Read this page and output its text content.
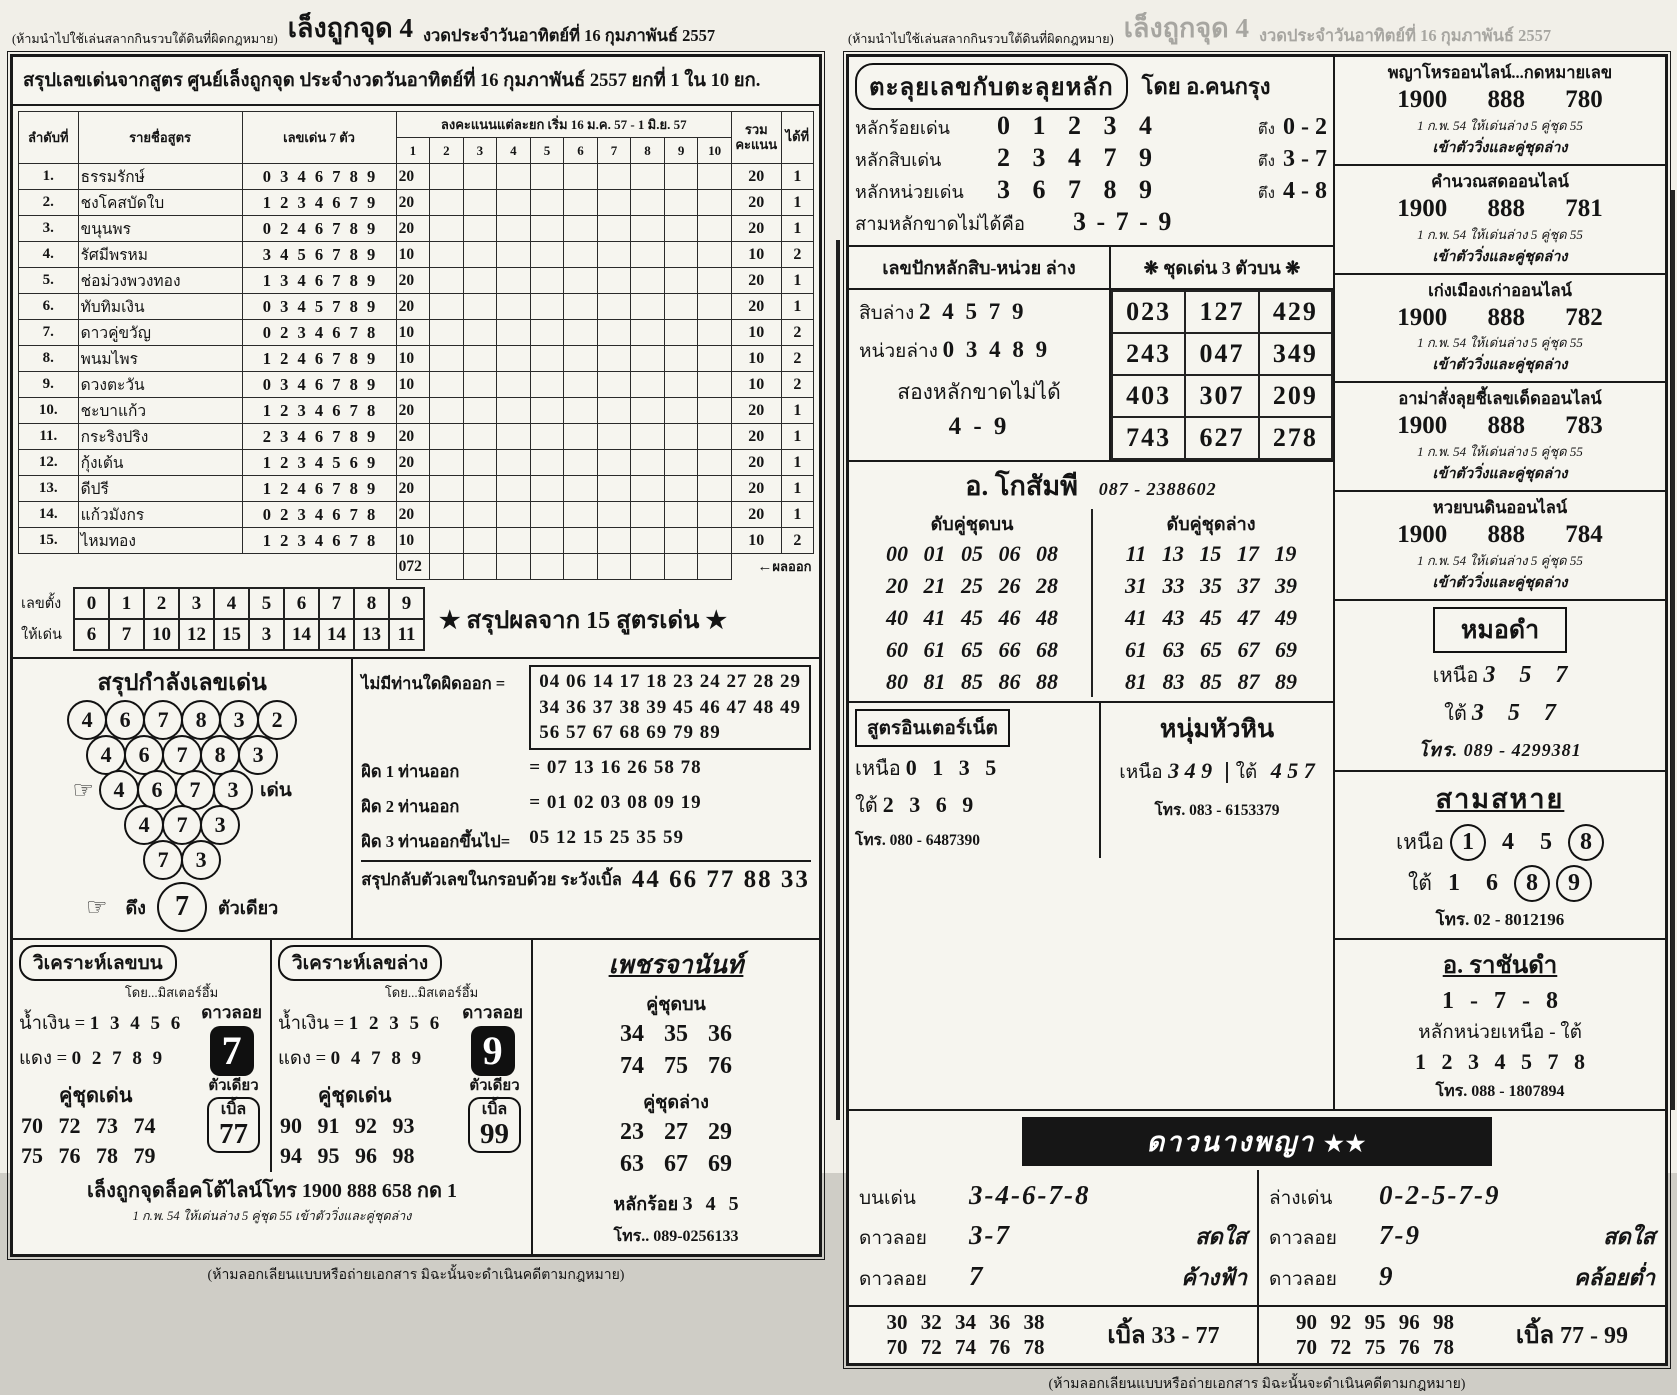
(ห้ามนำไปใช้เล่นสลากกินรวบใต้ดินที่ผิดกฎหมาย) เล็งถูกจุด 4 งวดประจำวันอาทิตย์ที่ 16 กุมภาพันธ์ 2557
สรุปเลขเด่นจากสูตร ศูนย์เล็งถูกจุด ประจำงวดวันอาทิตย์ที่ 16 กุมภาพันธ์ 2557 ยกที่ 1 ใน 10 ยก.
ลำดับที่	รายชื่อสูตร	เลขเด่น 7 ตัว	ลงคะแนนแต่ละยก เริ่ม 16 ม.ค. 57 - 1 มิ.ย. 57										รวมคะแนน	ได้ที่
			1	2	3	4	5	6	7	8	9	10		
1.	ธรรมรักษ์	0 3 4 6 7 8 9	20										20	1
2.	ชงโคสบัดใบ	1 2 3 4 6 7 9	20										20	1
3.	ขนุนพร	0 2 4 6 7 8 9	20										20	1
4.	รัศมีพรหม	3 4 5 6 7 8 9	10										10	2
5.	ช่อม่วงพวงทอง	1 3 4 6 7 8 9	20										20	1
6.	ทับทิมเงิน	0 3 4 5 7 8 9	20										20	1
7.	ดาวคู่ขวัญ	0 2 3 4 6 7 8	10										10	2
8.	พนมไพร	1 2 4 6 7 8 9	10										10	2
9.	ดวงตะวัน	0 3 4 6 7 8 9	10										10	2
10.	ชะบาแก้ว	1 2 3 4 6 7 8	20										20	1
11.	กระริงปริง	2 3 4 6 7 8 9	20										20	1
12.	กุ้งเต้น	1 2 3 4 5 6 9	20										20	1
13.	ดีปรี	1 2 4 6 7 8 9	20										20	1
14.	แก้วมังกร	0 2 3 4 6 7 8	20										20	1
15.	ไหมทอง	1 2 3 4 6 7 8	10										10	2
			072										←ผลออก
เลขตั้ง	0	1	2	3	4	5	6	7	8	9
ให้เด่น	6	7	10	12	15	3	14	14	13	11
★ สรุปผลจาก 15 สูตรเด่น ★
สรุปกำลังเลขเด่น
4	6	7	8	3	2
4	6	7	8	3
☞ 4	6	7	3	เด่น
4	7	3
7	3
☞ ดึง	7	ตัวเดียว
ไม่มีท่านใดผิดออก =	04 06 14 17 18 23 24 27 28 29
34 36 37 38 39 45 46 47 48 49
56 57 67 68 69 79 89
ผิด 1 ท่านออก	= 07 13 16 26 58 78
ผิด 2 ท่านออก	= 01 02 03 08 09 19
ผิด 3 ท่านออกขึ้นไป=	05 12 15 25 35 59
สรุปกลับตัวเลขในกรอบด้วย ระวังเบิ้ล 44 66 77 88 33
วิเคราะห์เลขบน
โดย...มิสเตอร์อึ้ม
ดาวลอย
7
น้ำเงิน = 1 3 4 5 6
แดง = 0 2 7 8 9
ตัวเดียว
เบิ้ล
77
คู่ชุดเด่น
70 72 73 74
75 76 78 79
วิเคราะห์เลขล่าง
โดย...มิสเตอร์อึ้ม
ดาวลอย
9
น้ำเงิน = 1 2 3 5 6
แดง = 0 4 7 8 9
ตัวเดียว
เบิ้ล
99
คู่ชุดเด่น
90 91 92 93
94 95 96 98
เล็งถูกจุดล็อคโต้ไลน์โทร 1900 888 658 กด 1
1 ก.พ. 54 ให้เด่นล่าง 5 คู่ชุด 55 เข้าตัววิ่งและคู่ชุดล่าง
เพชรจานันท์
คู่ชุดบน
34 35 36
74 75 76
คู่ชุดล่าง
23 27 29
63 67 69
หลักร้อย 3 4 5
โทร.. 089-0256133
(ห้ามลอกเลียนแบบหรือถ่ายเอกสาร มิฉะนั้นจะดำเนินคดีตามกฎหมาย)
(ห้ามนำไปใช้เล่นสลากกินรวบใต้ดินที่ผิดกฎหมาย) เล็งถูกจุด 4 งวดประจำวันอาทิตย์ที่ 16 กุมภาพันธ์ 2557
ตะลุยเลขกับตะลุยหลัก	โดย อ.คนกรุง
หลักร้อยเด่น	0 1 2 3 4	ตึง 0 - 2
หลักสิบเด่น	2 3 4 7 9	ตึง 3 - 7
หลักหน่วยเด่น	3 6 7 8 9	ตึง 4 - 8
สามหลักขาดไม่ได้คือ	3 - 7 - 9
เลขปักหลักสิบ-หน่วย ล่าง
สิบล่าง 2 4 5 7 9
หน่วยล่าง 0 3 4 8 9
สองหลักขาดไม่ได้
4 - 9
❋ ชุดเด่น 3 ตัวบน ❋
023	127	429
243	047	349
403	307	209
743	627	278
อ. โกสัมพี 087 - 2388602
ดับคู่ชุดบน
00 01 05 06 08
20 21 25 26 28
40 41 45 46 48
60 61 65 66 68
80 81 85 86 88
ดับคู่ชุดล่าง
11 13 15 17 19
31 33 35 37 39
41 43 45 47 49
61 63 65 67 69
81 83 85 87 89
สูตรอินเตอร์เน็ต
เหนือ 0 1 3 5
ใต้ 2 3 6 9
โทร. 080 - 6487390
หนุ่มหัวหิน
เหนือ 3 4 9 ใต้ 4 5 7
โทร. 083 - 6153379
พญาโหรออนไลน์...กดหมายเลข
1900 888 780
1 ก.พ. 54 ให้เด่นล่าง 5 คู่ชุด 55
เข้าตัววิ่งและคู่ชุดล่าง
คำนวณสดออนไลน์
1900 888 781
1 ก.พ. 54 ให้เด่นล่าง 5 คู่ชุด 55
เข้าตัววิ่งและคู่ชุดล่าง
เก่งเมืองเก่าออนไลน์
1900 888 782
1 ก.พ. 54 ให้เด่นล่าง 5 คู่ชุด 55
เข้าตัววิ่งและคู่ชุดล่าง
อาม่าสั่งลุยชี้เลขเด็ดออนไลน์
1900 888 783
1 ก.พ. 54 ให้เด่นล่าง 5 คู่ชุด 55
เข้าตัววิ่งและคู่ชุดล่าง
หวยบนดินออนไลน์
1900 888 784
1 ก.พ. 54 ให้เด่นล่าง 5 คู่ชุด 55
เข้าตัววิ่งและคู่ชุดล่าง
หมอดำ
เหนือ 3 5 7
ใต้ 3 5 7
โทร. 089 - 4299381
สามสหาย
เหนือ 1	4	5	8
ใต้ 1	6	8	9
โทร. 02 - 8012196
อ. ราชันดำ
1 - 7 - 8
หลักหน่วยเหนือ - ใต้
1 2 3 4 5 7 8
โทร. 088 - 1807894
ดาวนางพญา ★★
บนเด่น	3-4-6-7-8
ดาวลอย	3-7	สดใส
ดาวลอย	7	ค้างฟ้า
ล่างเด่น	0-2-5-7-9
ดาวลอย	7-9	สดใส
ดาวลอย	9	คล้อยต่ำ
30 32 34 36 38
70 72 74 76 78	เบิ้ล 33 - 77
90 92 95 96 98
70 72 75 76 78	เบิ้ล 77 - 99
(ห้ามลอกเลียนแบบหรือถ่ายเอกสาร มิฉะนั้นจะดำเนินคดีตามกฎหมาย)
